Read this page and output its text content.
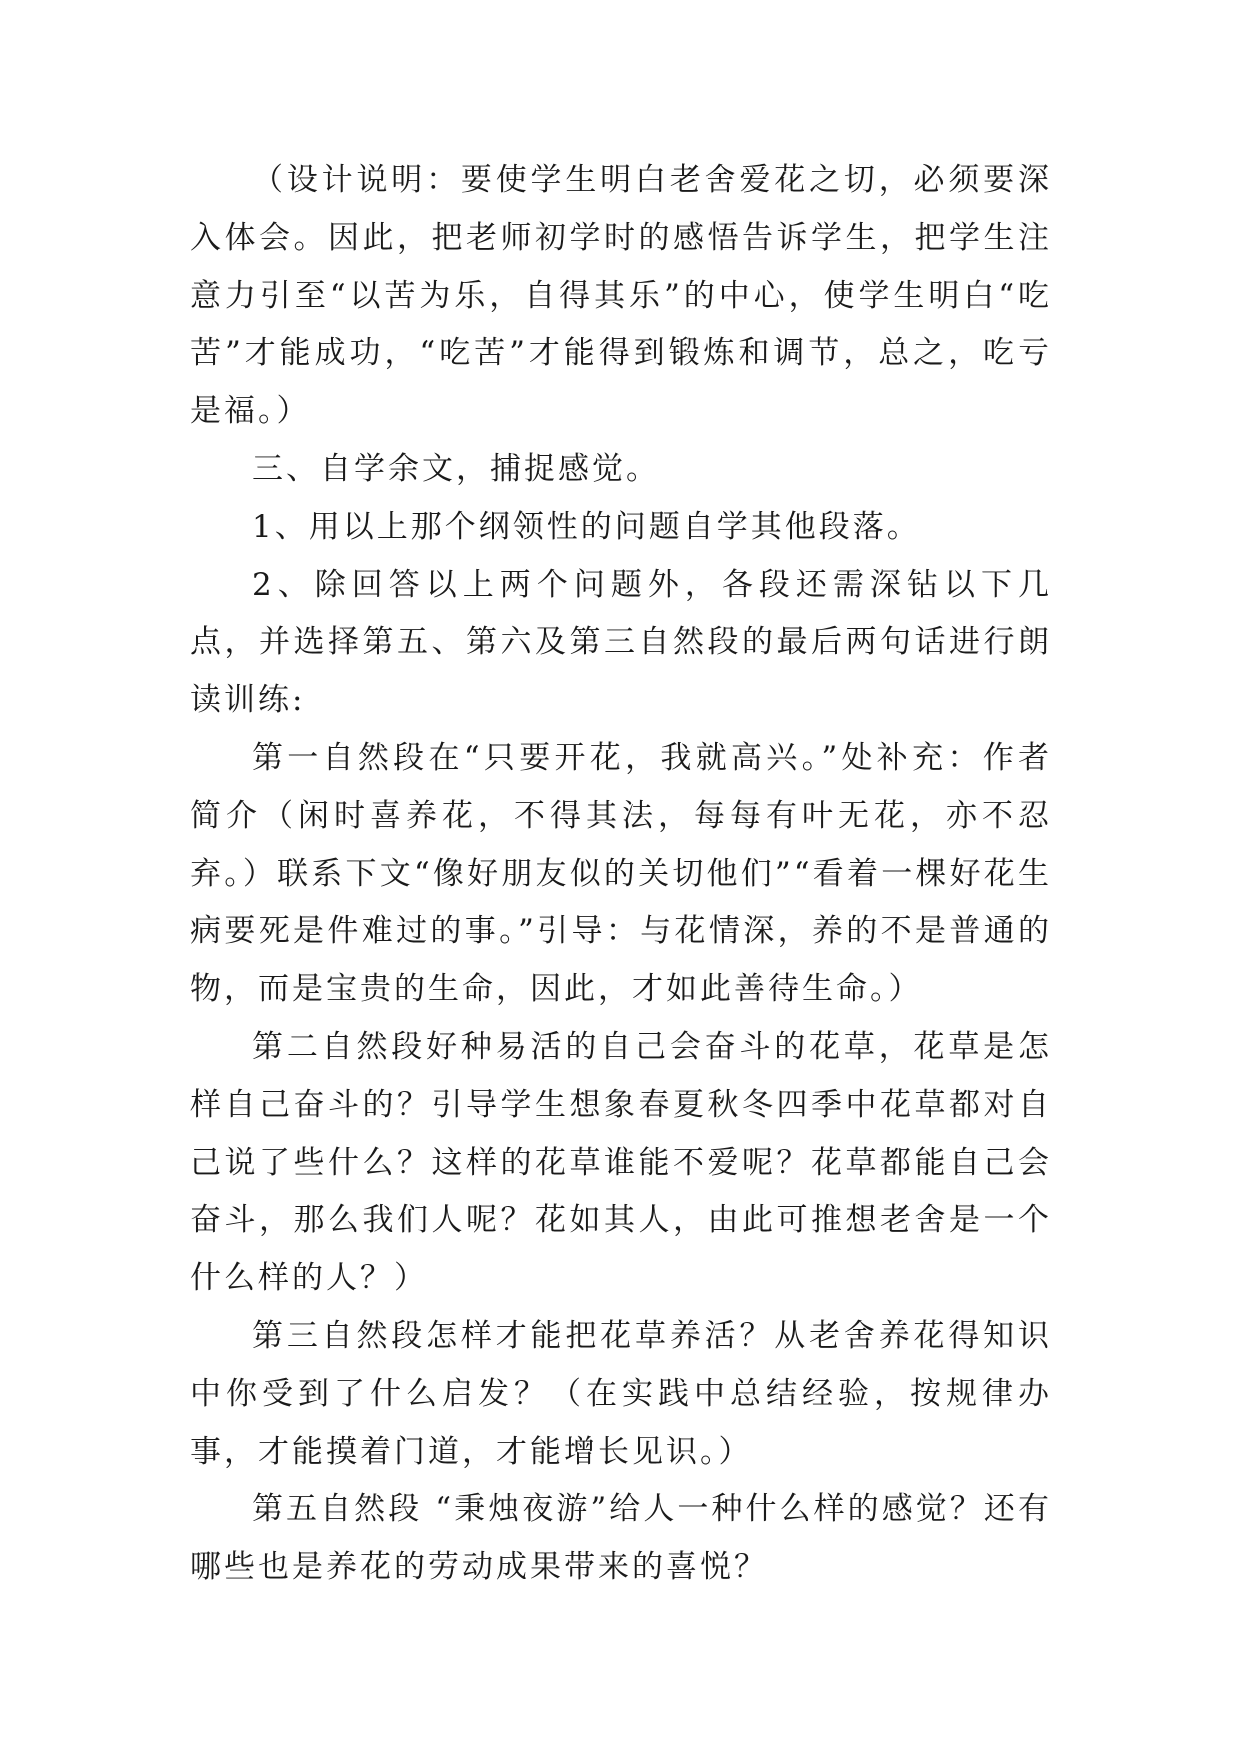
（设计说明：要使学生明白老舍爱花之切，必须要深入体会。因此，把老师初学时的感悟告诉学生，把学生注意力引至“以苦为乐，自得其乐”的中心，使学生明白“吃苦”才能成功，“吃苦”才能得到锻炼和调节，总之，吃亏是福。）

三、自学余文，捕捉感觉。

1、用以上那个纲领性的问题自学其他段落。

2、除回答以上两个问题外，各段还需深钻以下几点，并选择第五、第六及第三自然段的最后两句话进行朗读训练:

第一自然段在“只要开花，我就高兴。”处补充：作者简介（闲时喜养花，不得其法，每每有叶无花，亦不忍弃。）联系下文“像好朋友似的关切他们”“看着一棵好花生病要死是件难过的事。”引导：与花情深，养的不是普通的物，而是宝贵的生命，因此，才如此善待生命。）

第二自然段好种易活的自己会奋斗的花草，花草是怎样自己奋斗的？引导学生想象春夏秋冬四季中花草都对自己说了些什么？这样的花草谁能不爱呢？花草都能自己会奋斗，那么我们人呢？花如其人，由此可推想老舍是一个什么样的人？）

第三自然段怎样才能把花草养活？从老舍养花得知识中你受到了什么启发？（在实践中总结经验，按规律办事，才能摸着门道，才能增长见识。）

第五自然段 “秉烛夜游”给人一种什么样的感觉？还有哪些也是养花的劳动成果带来的喜悦？
